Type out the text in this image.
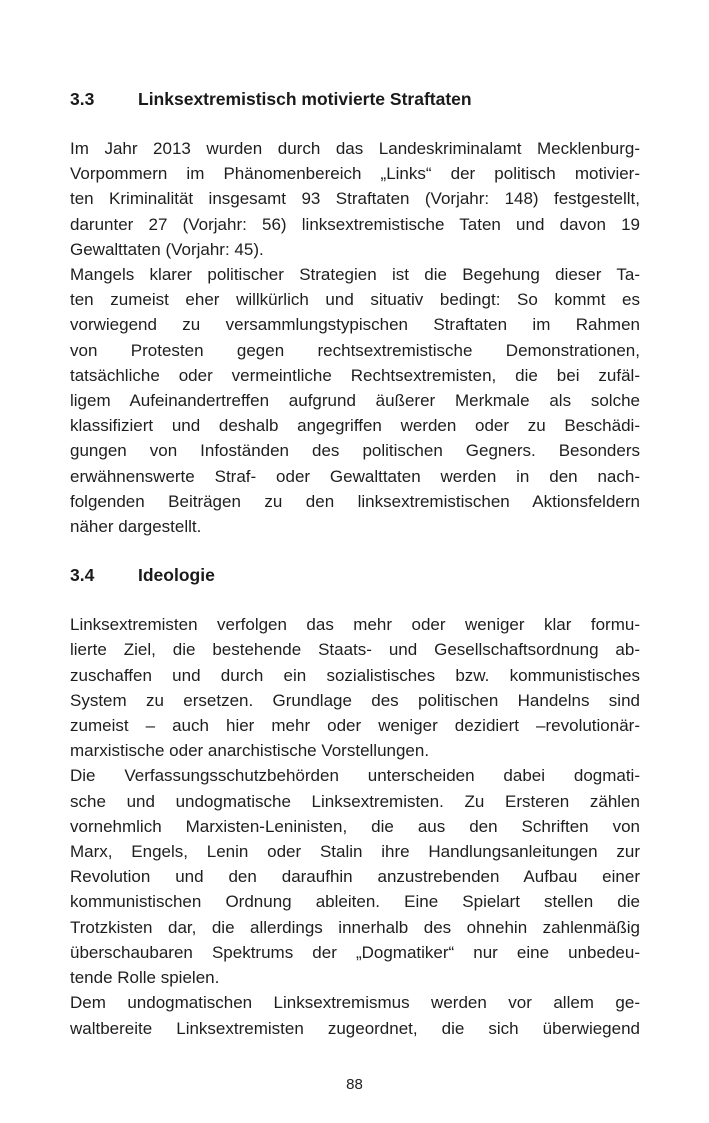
3.3	Linksextremistisch motivierte Straftaten
Im Jahr 2013 wurden durch das Landeskriminalamt Mecklenburg-
Vorpommern im Phänomenbereich „Links“ der politisch motivier-
ten Kriminalität insgesamt 93 Straftaten (Vorjahr: 148) festgestellt,
darunter 27 (Vorjahr: 56) linksextremistische Taten und davon 19
Gewalttaten (Vorjahr: 45).
Mangels klarer politischer Strategien ist die Begehung dieser Ta-
ten zumeist eher willkürlich und situativ bedingt: So kommt es
vorwiegend zu versammlungstypischen Straftaten im Rahmen
von Protesten gegen rechtsextremistische Demonstrationen,
tatsächliche oder vermeintliche Rechtsextremisten, die bei zufäl-
ligem Aufeinandertreffen aufgrund äußerer Merkmale als solche
klassifiziert und deshalb angegriffen werden oder zu Beschädi-
gungen von Infoständen des politischen Gegners. Besonders
erwähnenswerte Straf- oder Gewalttaten werden in den nach-
folgenden Beiträgen zu den linksextremistischen Aktionsfeldern
näher dargestellt.
3.4	Ideologie
Linksextremisten verfolgen das mehr oder weniger klar formu-
lierte Ziel, die bestehende Staats- und Gesellschaftsordnung ab-
zuschaffen und durch ein sozialistisches bzw. kommunistisches
System zu ersetzen. Grundlage des politischen Handelns sind
zumeist – auch hier mehr oder weniger dezidiert –revolutionär-
marxistische oder anarchistische Vorstellungen.
Die Verfassungsschutzbehörden unterscheiden dabei dogmati-
sche und undogmatische Linksextremisten. Zu Ersteren zählen
vornehmlich Marxisten-Leninisten, die aus den Schriften von
Marx, Engels, Lenin oder Stalin ihre Handlungsanleitungen zur
Revolution und den daraufhin anzustrebenden Aufbau einer
kommunistischen Ordnung ableiten. Eine Spielart stellen die
Trotzkisten dar, die allerdings innerhalb des ohnehin zahlenmäßig
überschaubaren Spektrums der „Dogmatiker“ nur eine unbedeu-
tende Rolle spielen.
Dem undogmatischen Linksextremismus werden vor allem ge-
waltbereite Linksextremisten zugeordnet, die sich überwiegend
88
